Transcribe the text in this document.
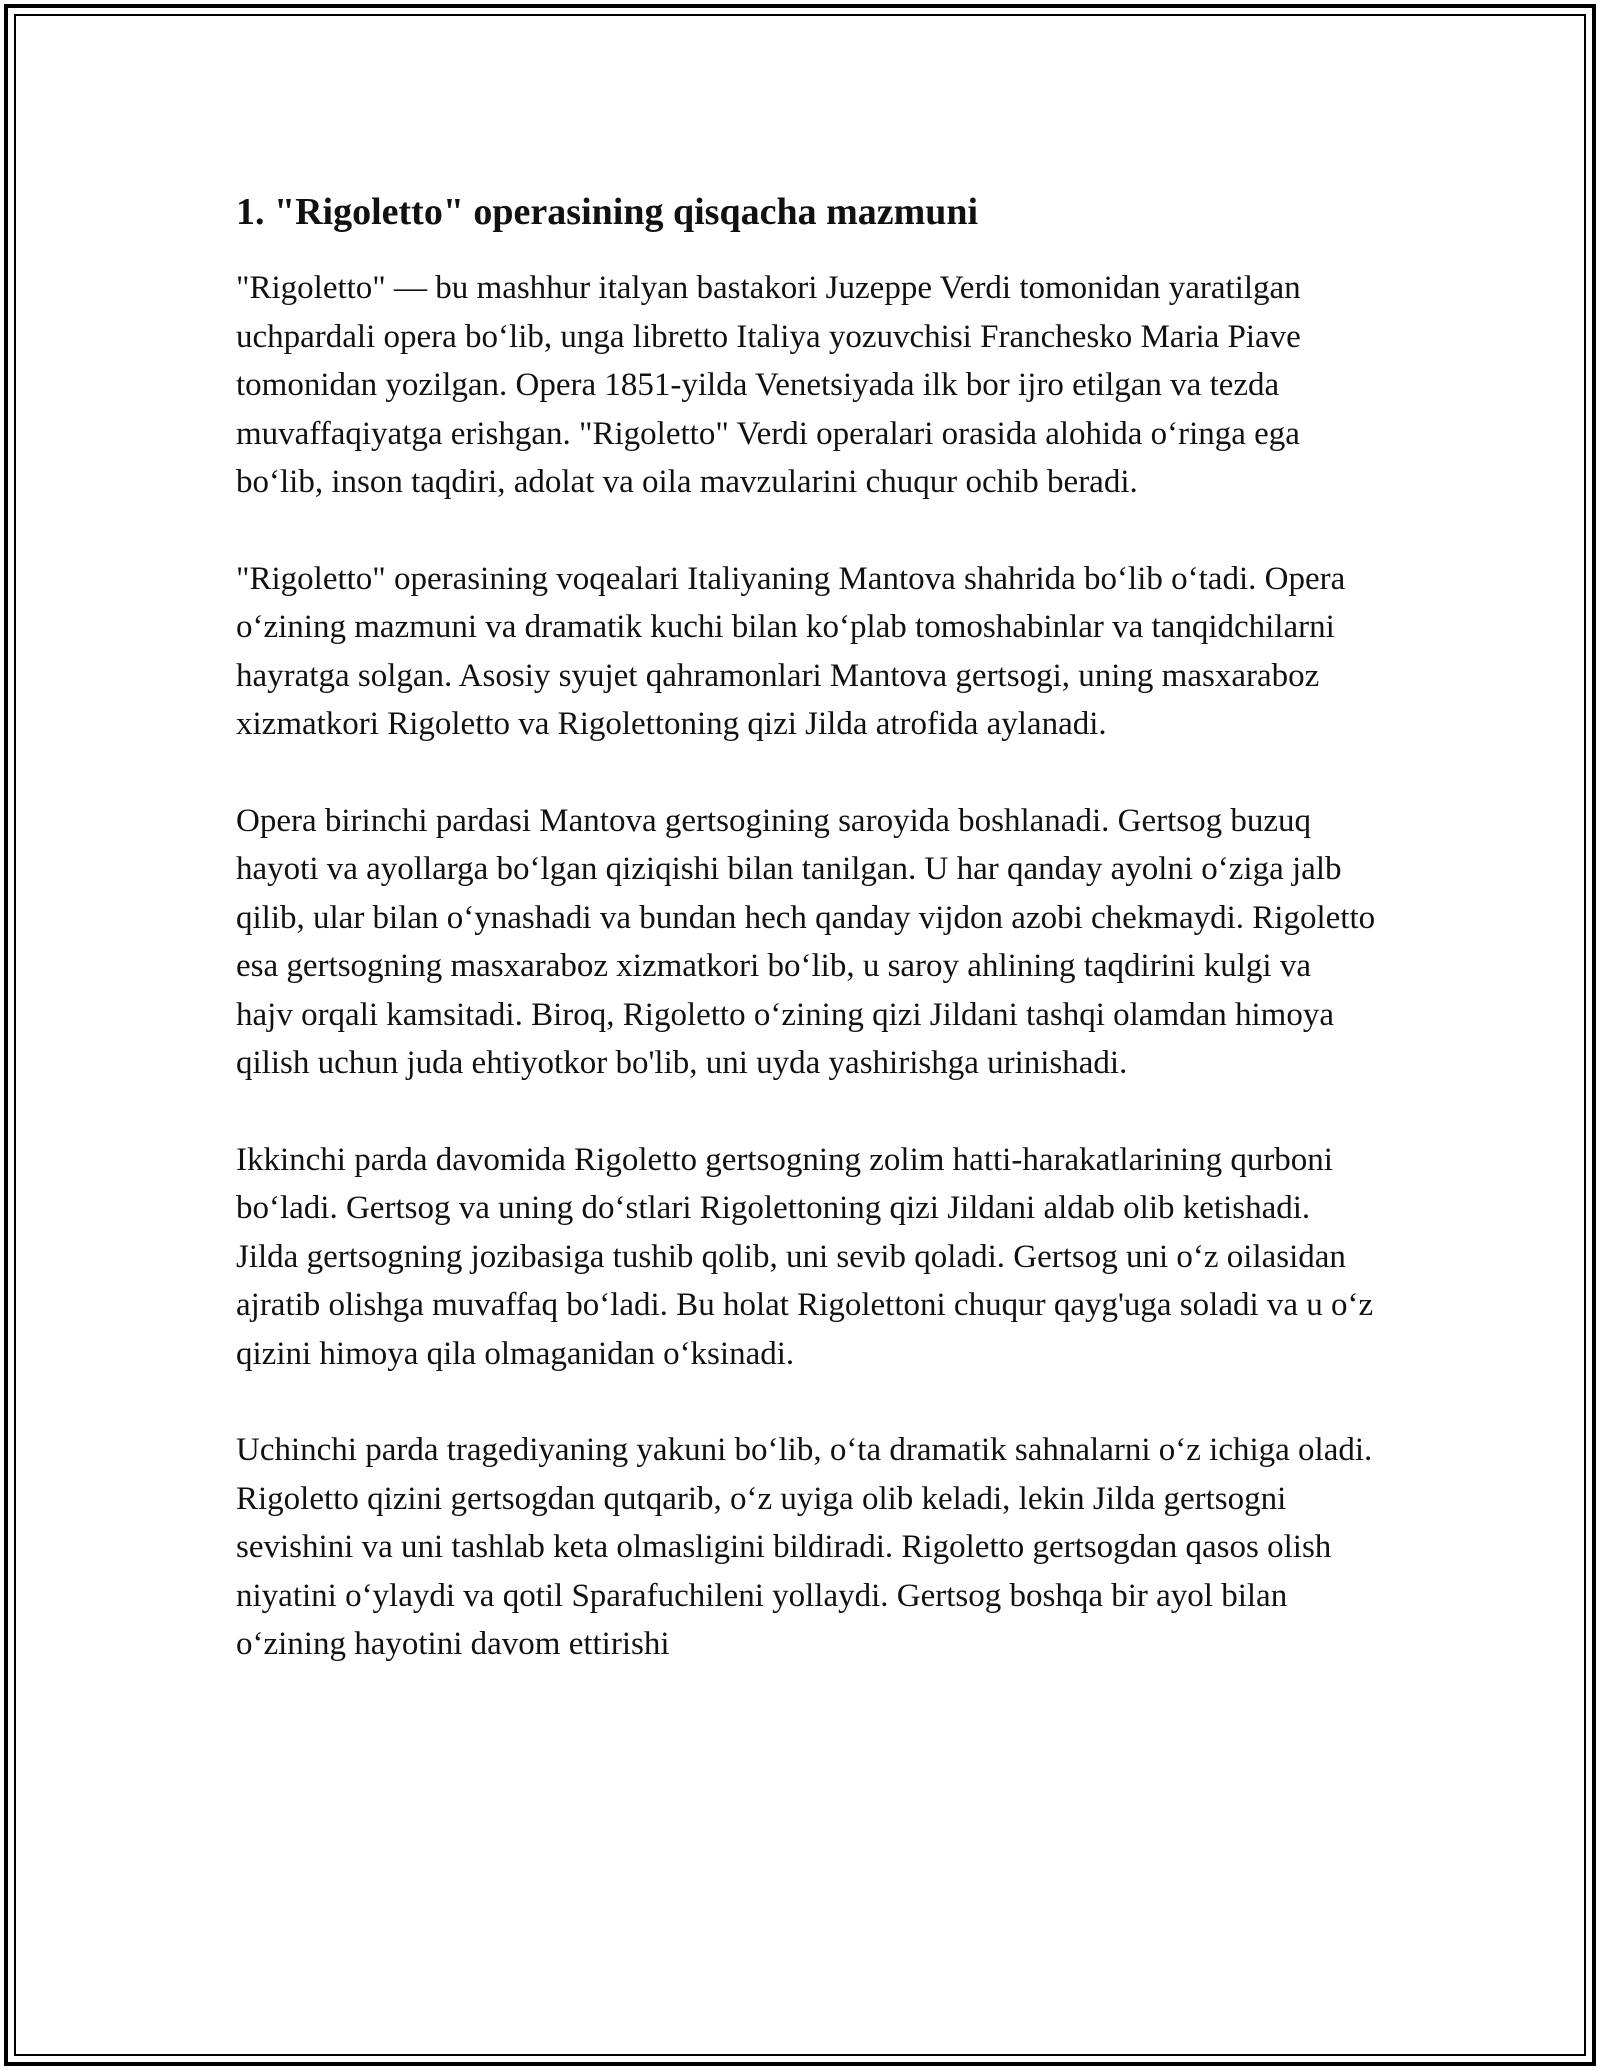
1. "Rigoletto" operasining qisqacha mazmuni

"Rigoletto" — bu mashhur italyan bastakori Juzeppe Verdi tomonidan yaratilgan uchpardali opera bo‘lib, unga libretto Italiya yozuvchisi Franchesko Maria Piave tomonidan yozilgan. Opera 1851-yilda Venetsiyada ilk bor ijro etilgan va tezda muvaffaqiyatga erishgan. "Rigoletto" Verdi operalari orasida alohida o‘ringa ega bo‘lib, inson taqdiri, adolat va oila mavzularini chuqur ochib beradi.

"Rigoletto" operasining voqealari Italiyaning Mantova shahrida bo‘lib o‘tadi. Opera o‘zining mazmuni va dramatik kuchi bilan ko‘plab tomoshabinlar va tanqidchilarni hayratga solgan. Asosiy syujet qahramonlari Mantova gertsogi, uning masxaraboz xizmatkori Rigoletto va Rigolettoning qizi Jilda atrofida aylanadi.

Opera birinchi pardasi Mantova gertsogining saroyida boshlanadi. Gertsog buzuq hayoti va ayollarga bo‘lgan qiziqishi bilan tanilgan. U har qanday ayolni o‘ziga jalb qilib, ular bilan o‘ynashadi va bundan hech qanday vijdon azobi chekmaydi. Rigoletto esa gertsogning masxaraboz xizmatkori bo‘lib, u saroy ahlining taqdirini kulgi va hajv orqali kamsitadi. Biroq, Rigoletto o‘zining qizi Jildani tashqi olamdan himoya qilish uchun juda ehtiyotkor bo'lib, uni uyda yashirishga urinishadi.

Ikkinchi parda davomida Rigoletto gertsogning zolim hatti-harakatlarining qurboni bo‘ladi. Gertsog va uning do‘stlari Rigolettoning qizi Jildani aldab olib ketishadi. Jilda gertsogning jozibasiga tushib qolib, uni sevib qoladi. Gertsog uni o‘z oilasidan ajratib olishga muvaffaq bo‘ladi. Bu holat Rigolettoni chuqur qayg'uga soladi va u o‘z qizini himoya qila olmaganidan o‘ksinadi.

Uchinchi parda tragediyaning yakuni bo‘lib, o‘ta dramatik sahnalarni o‘z ichiga oladi. Rigoletto qizini gertsogdan qutqarib, o‘z uyiga olib keladi, lekin Jilda gertsogni sevishini va uni tashlab keta olmasligini bildiradi. Rigoletto gertsogdan qasos olish niyatini o‘ylaydi va qotil Sparafuchileni yollaydi. Gertsog boshqa bir ayol bilan o‘zining hayotini davom ettirishi
